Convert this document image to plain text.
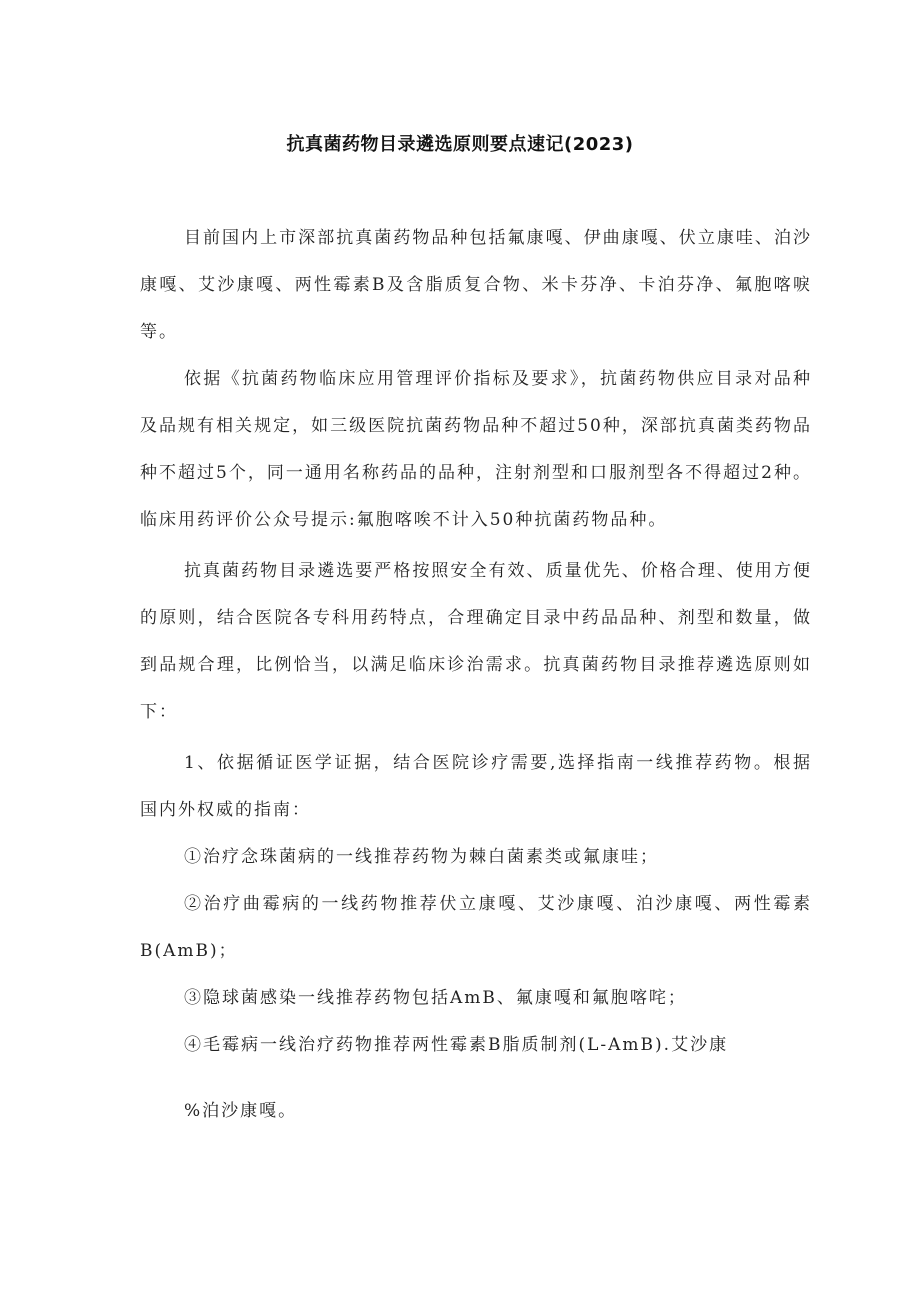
抗真菌药物目录遴选原则要点速记(2023)

目前国内上市深部抗真菌药物品种包括氟康嘎、伊曲康嘎、伏立康哇、泊沙康嘎、艾沙康嘎、两性霉素B及含脂质复合物、米卡芬净、卡泊芬净、氟胞喀唳等。

依据《抗菌药物临床应用管理评价指标及要求》，抗菌药物供应目录对品种及品规有相关规定，如三级医院抗菌药物品种不超过50种，深部抗真菌类药物品种不超过5个，同一通用名称药品的品种，注射剂型和口服剂型各不得超过2种。临床用药评价公众号提示:氟胞喀唉不计入50种抗菌药物品种。

抗真菌药物目录遴选要严格按照安全有效、质量优先、价格合理、使用方便的原则，结合医院各专科用药特点，合理确定目录中药品品种、剂型和数量，做到品规合理，比例恰当，以满足临床诊治需求。抗真菌药物目录推荐遴选原则如下：

1、依据循证医学证据，结合医院诊疗需要,选择指南一线推荐药物。根据国内外权威的指南：

①治疗念珠菌病的一线推荐药物为棘白菌素类或氟康哇；

②治疗曲霉病的一线药物推荐伏立康嘎、艾沙康嘎、泊沙康嘎、两性霉素B(AmB)；

③隐球菌感染一线推荐药物包括AmB、氟康嘎和氟胞喀咤；

④毛霉病一线治疗药物推荐两性霉素B脂质制剂(L-AmB).艾沙康

%泊沙康嘎。
